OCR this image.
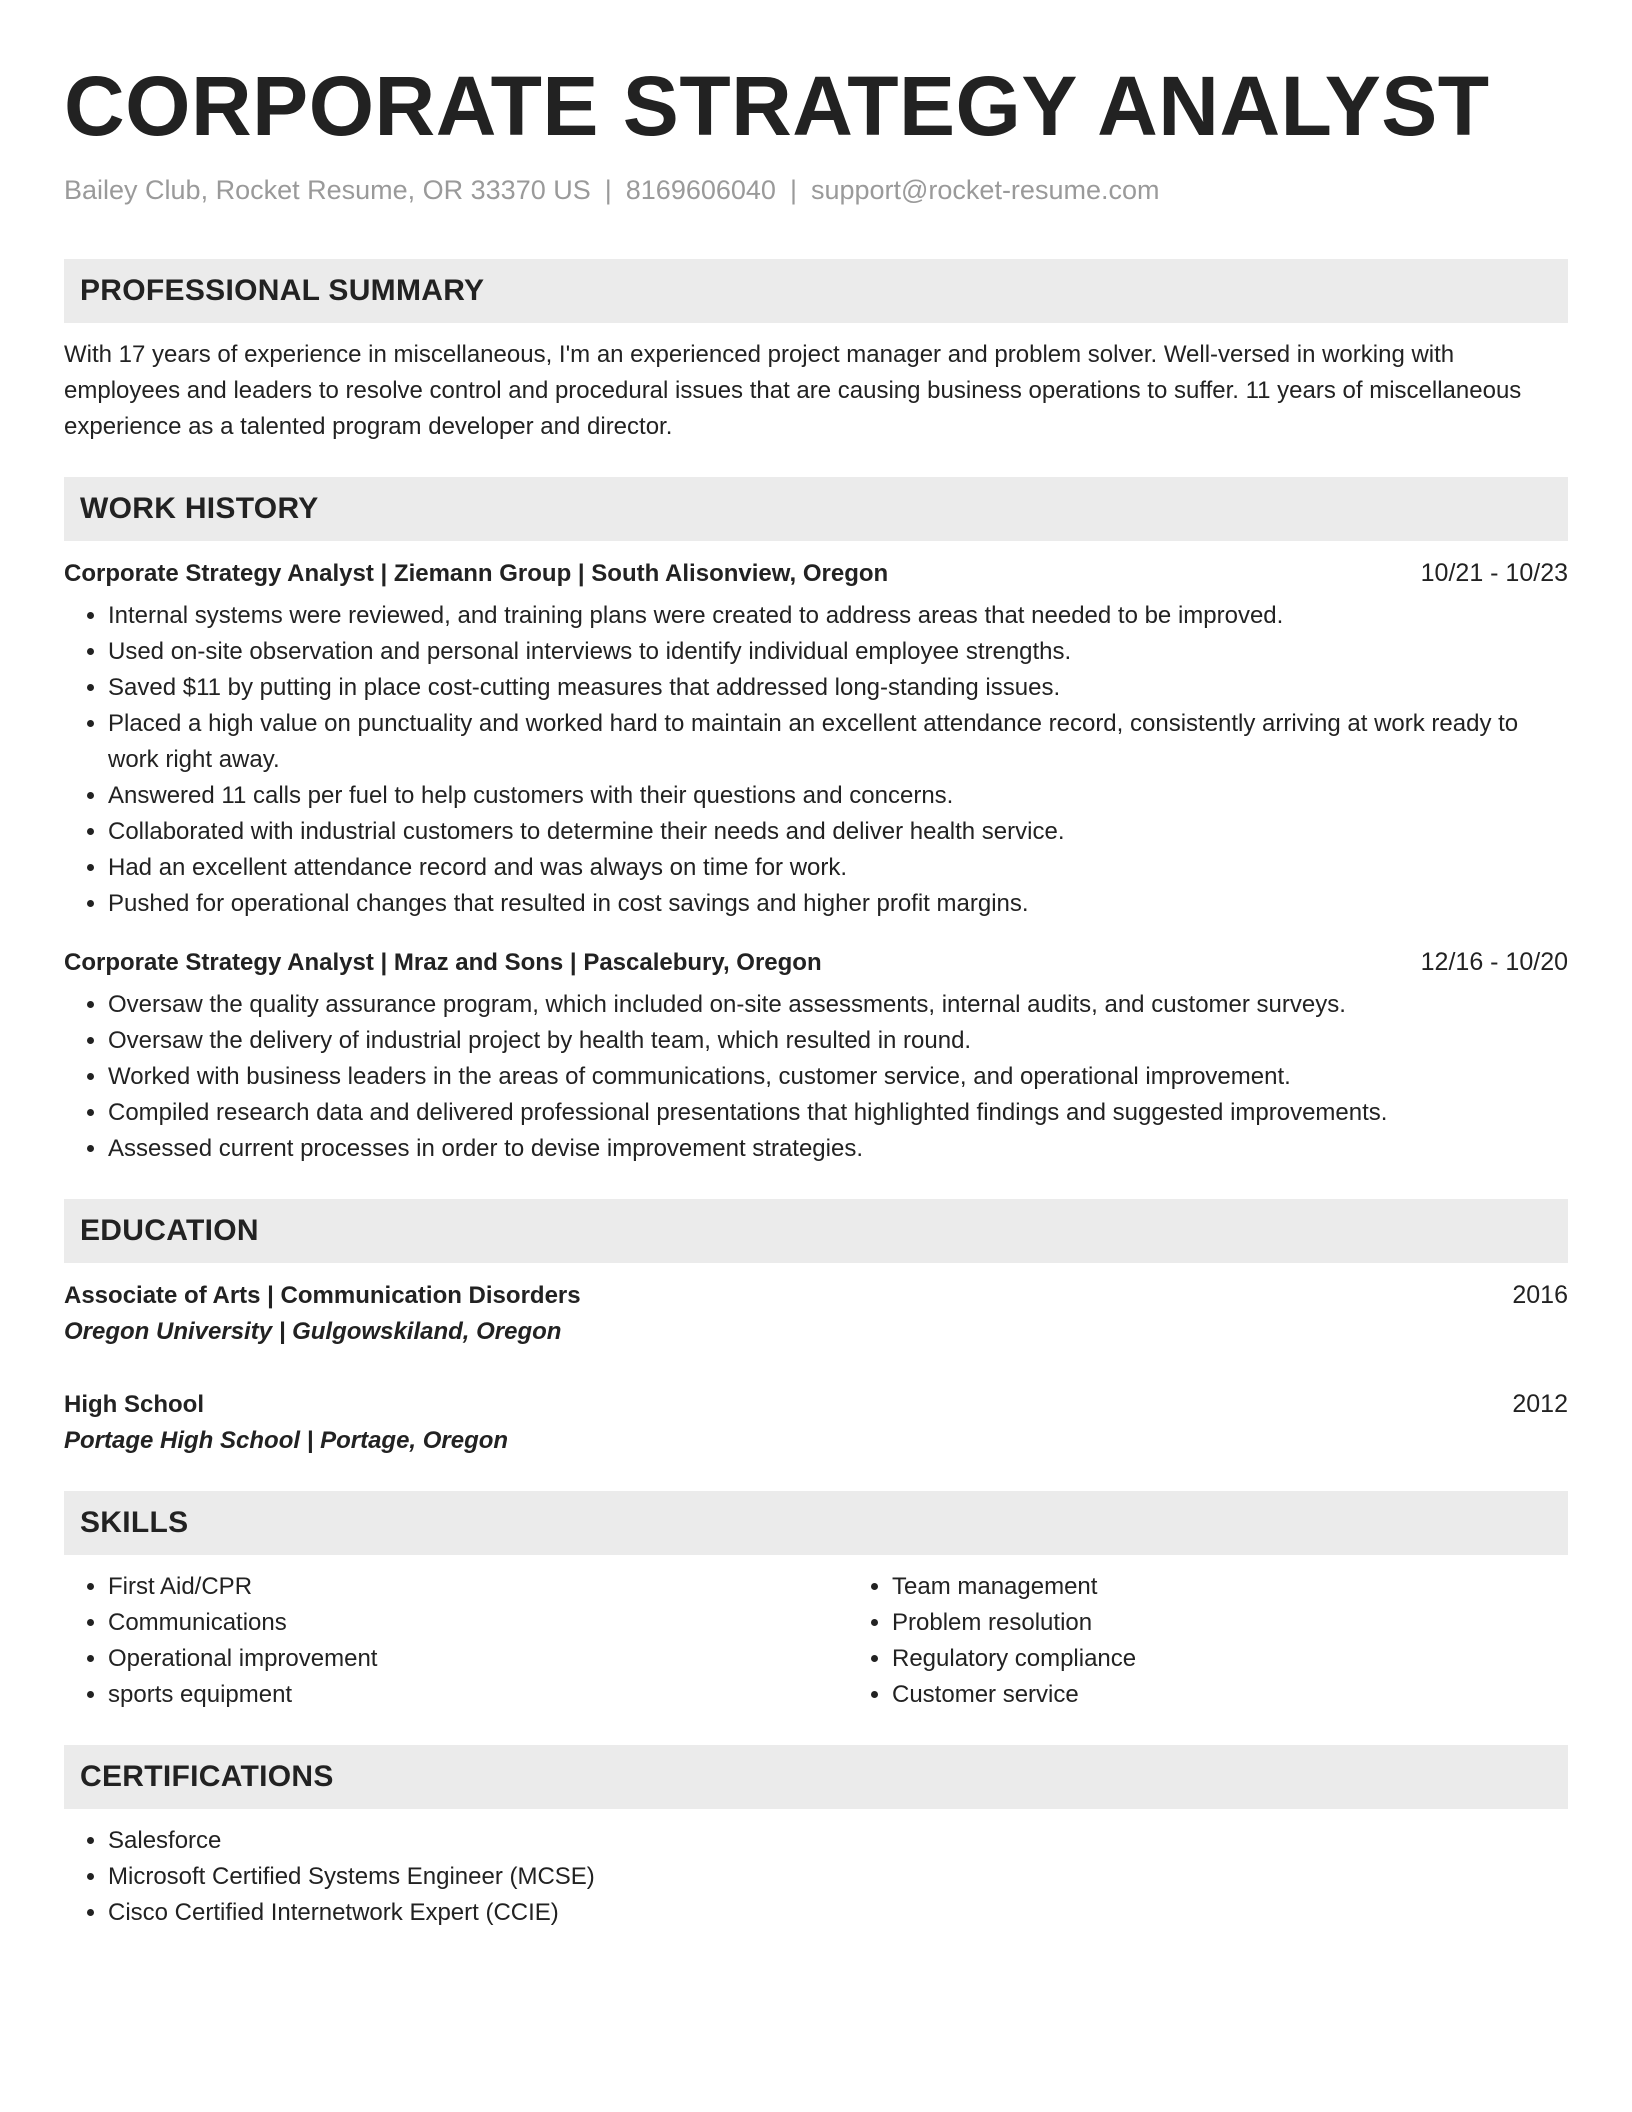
CORPORATE STRATEGY ANALYST
Bailey Club, Rocket Resume, OR 33370 US | 8169606040 | support@rocket-resume.com
PROFESSIONAL SUMMARY

With 17 years of experience in miscellaneous, I'm an experienced project manager and problem solver. Well-versed in working with employees and leaders to resolve control and procedural issues that are causing business operations to suffer. 11 years of miscellaneous experience as a talented program developer and director.

WORK HISTORY
Corporate Strategy Analyst | Ziemann Group | South Alisonview, Oregon	10/21 - 10/23
• Internal systems were reviewed, and training plans were created to address areas that needed to be improved.
• Used on-site observation and personal interviews to identify individual employee strengths.
• Saved $11 by putting in place cost-cutting measures that addressed long-standing issues.
• Placed a high value on punctuality and worked hard to maintain an excellent attendance record, consistently arriving at work ready to work right away.
• Answered 11 calls per fuel to help customers with their questions and concerns.
• Collaborated with industrial customers to determine their needs and deliver health service.
• Had an excellent attendance record and was always on time for work.
• Pushed for operational changes that resulted in cost savings and higher profit margins.
Corporate Strategy Analyst | Mraz and Sons | Pascalebury, Oregon	12/16 - 10/20
• Oversaw the quality assurance program, which included on-site assessments, internal audits, and customer surveys.
• Oversaw the delivery of industrial project by health team, which resulted in round.
• Worked with business leaders in the areas of communications, customer service, and operational improvement.
• Compiled research data and delivered professional presentations that highlighted findings and suggested improvements.
• Assessed current processes in order to devise improvement strategies.
EDUCATION
Associate of Arts | Communication Disorders	2016
Oregon University | Gulgowskiland, Oregon
High School	2012
Portage High School | Portage, Oregon
SKILLS
• First Aid/CPR
• Communications
• Operational improvement
• sports equipment
• Team management
• Problem resolution
• Regulatory compliance
• Customer service
CERTIFICATIONS
• Salesforce
• Microsoft Certified Systems Engineer (MCSE)
• Cisco Certified Internetwork Expert (CCIE)
